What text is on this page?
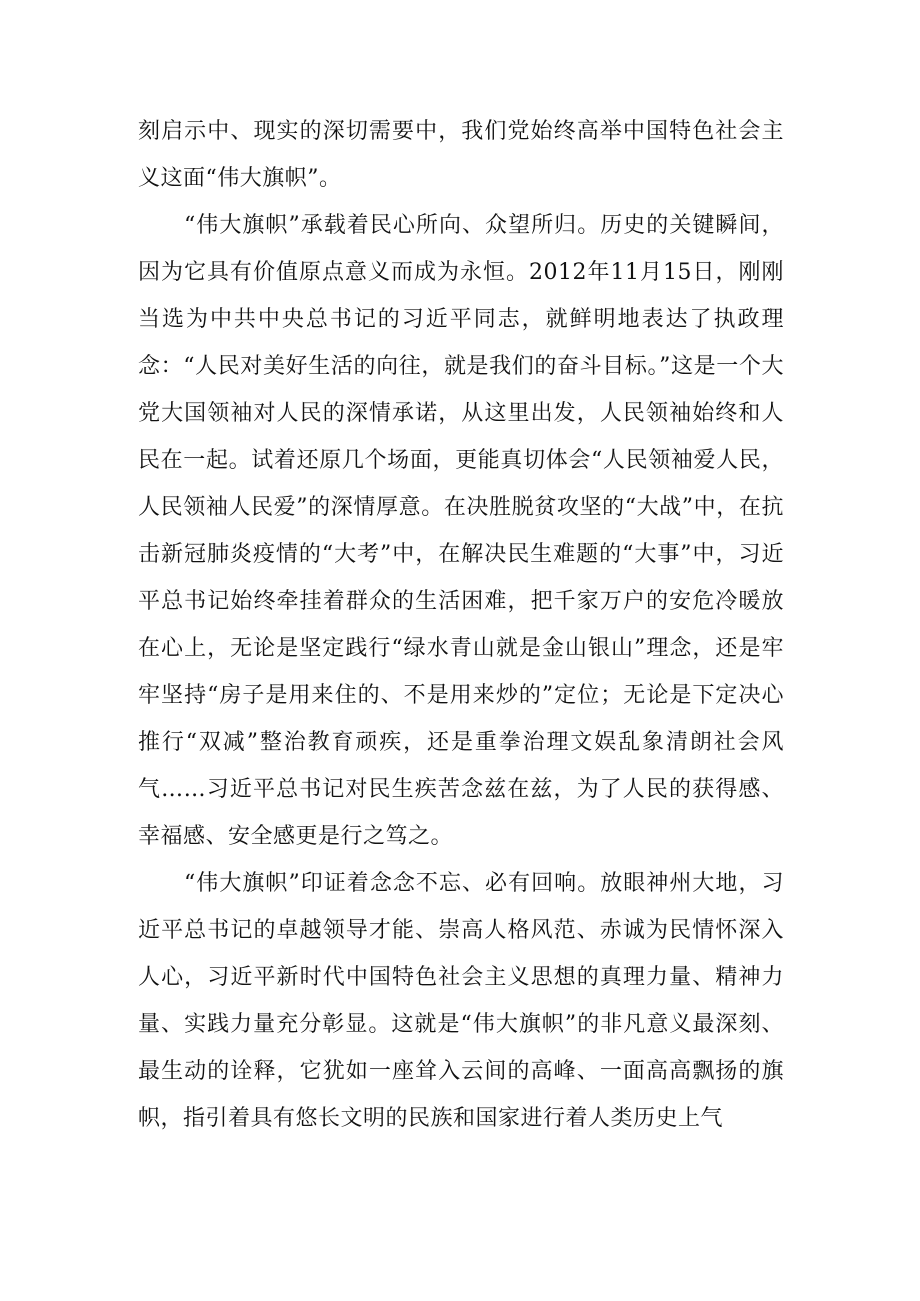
刻启示中、现实的深切需要中，我们党始终高举中国特色社会主义这面“伟大旗帜”。

“伟大旗帜”承载着民心所向、众望所归。历史的关键瞬间，因为它具有价值原点意义而成为永恒。2012年11月15日，刚刚当选为中共中央总书记的习近平同志，就鲜明地表达了执政理念：“人民对美好生活的向往，就是我们的奋斗目标。”这是一个大党大国领袖对人民的深情承诺，从这里出发，人民领袖始终和人民在一起。试着还原几个场面，更能真切体会“人民领袖爱人民，人民领袖人民爱”的深情厚意。在决胜脱贫攻坚的“大战”中，在抗击新冠肺炎疫情的“大考”中，在解决民生难题的“大事”中，习近平总书记始终牵挂着群众的生活困难，把千家万户的安危冷暖放在心上，无论是坚定践行“绿水青山就是金山银山”理念，还是牢牢坚持“房子是用来住的、不是用来炒的”定位；无论是下定决心推行“双减”整治教育顽疾，还是重拳治理文娱乱象清朗社会风气……习近平总书记对民生疾苦念兹在兹，为了人民的获得感、幸福感、安全感更是行之笃之。

“伟大旗帜”印证着念念不忘、必有回响。放眼神州大地，习近平总书记的卓越领导才能、崇高人格风范、赤诚为民情怀深入人心，习近平新时代中国特色社会主义思想的真理力量、精神力量、实践力量充分彰显。这就是“伟大旗帜”的非凡意义最深刻、最生动的诠释，它犹如一座耸入云间的高峰、一面高高飘扬的旗帜，指引着具有悠长文明的民族和国家进行着人类历史上气
